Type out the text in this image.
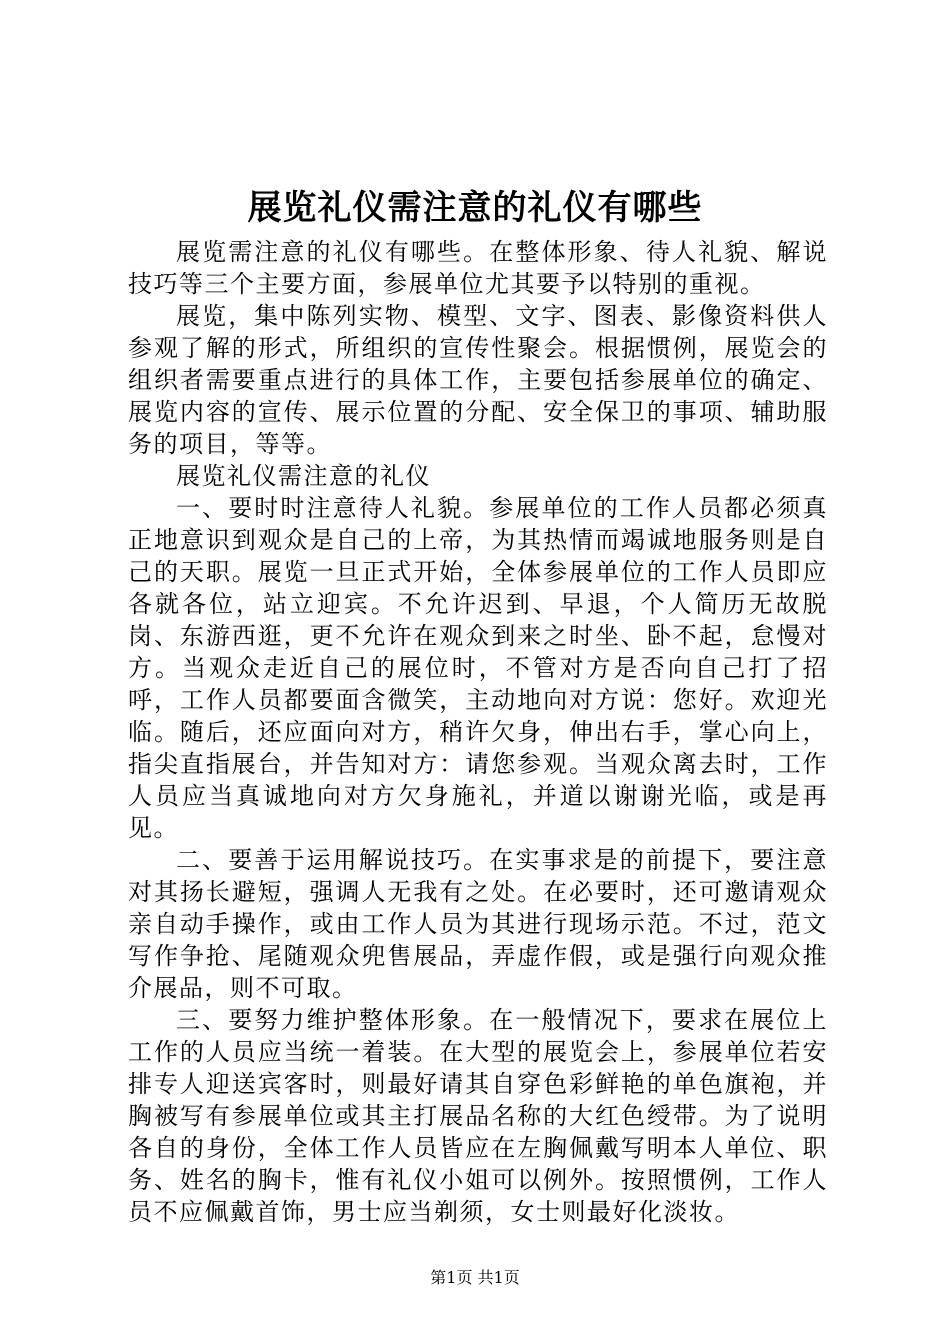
展览礼仪需注意的礼仪有哪些

展览需注意的礼仪有哪些。在整体形象、待人礼貌、解说技巧等三个主要方面，参展单位尤其要予以特别的重视。

展览，集中陈列实物、模型、文字、图表、影像资料供人参观了解的形式，所组织的宣传性聚会。根据惯例，展览会的组织者需要重点进行的具体工作，主要包括参展单位的确定、展览内容的宣传、展示位置的分配、安全保卫的事项、辅助服务的项目，等等。

展览礼仪需注意的礼仪

一、要时时注意待人礼貌。参展单位的工作人员都必须真正地意识到观众是自己的上帝，为其热情而竭诚地服务则是自己的天职。展览一旦正式开始，全体参展单位的工作人员即应各就各位，站立迎宾。不允许迟到、早退，个人简历无故脱岗、东游西逛，更不允许在观众到来之时坐、卧不起，怠慢对方。当观众走近自己的展位时，不管对方是否向自己打了招呼，工作人员都要面含微笑，主动地向对方说：您好。欢迎光临。随后，还应面向对方，稍许欠身，伸出右手，掌心向上，指尖直指展台，并告知对方：请您参观。当观众离去时，工作人员应当真诚地向对方欠身施礼，并道以谢谢光临，或是再见。

二、要善于运用解说技巧。在实事求是的前提下，要注意对其扬长避短，强调人无我有之处。在必要时，还可邀请观众亲自动手操作，或由工作人员为其进行现场示范。不过，范文写作争抢、尾随观众兜售展品，弄虚作假，或是强行向观众推介展品，则不可取。

三、要努力维护整体形象。在一般情况下，要求在展位上工作的人员应当统一着装。在大型的展览会上，参展单位若安排专人迎送宾客时，则最好请其自穿色彩鲜艳的单色旗袍，并胸被写有参展单位或其主打展品名称的大红色绶带。为了说明各自的身份，全体工作人员皆应在左胸佩戴写明本人单位、职务、姓名的胸卡，惟有礼仪小姐可以例外。按照惯例，工作人员不应佩戴首饰，男士应当剃须，女士则最好化淡妆。

第1页 共1页
